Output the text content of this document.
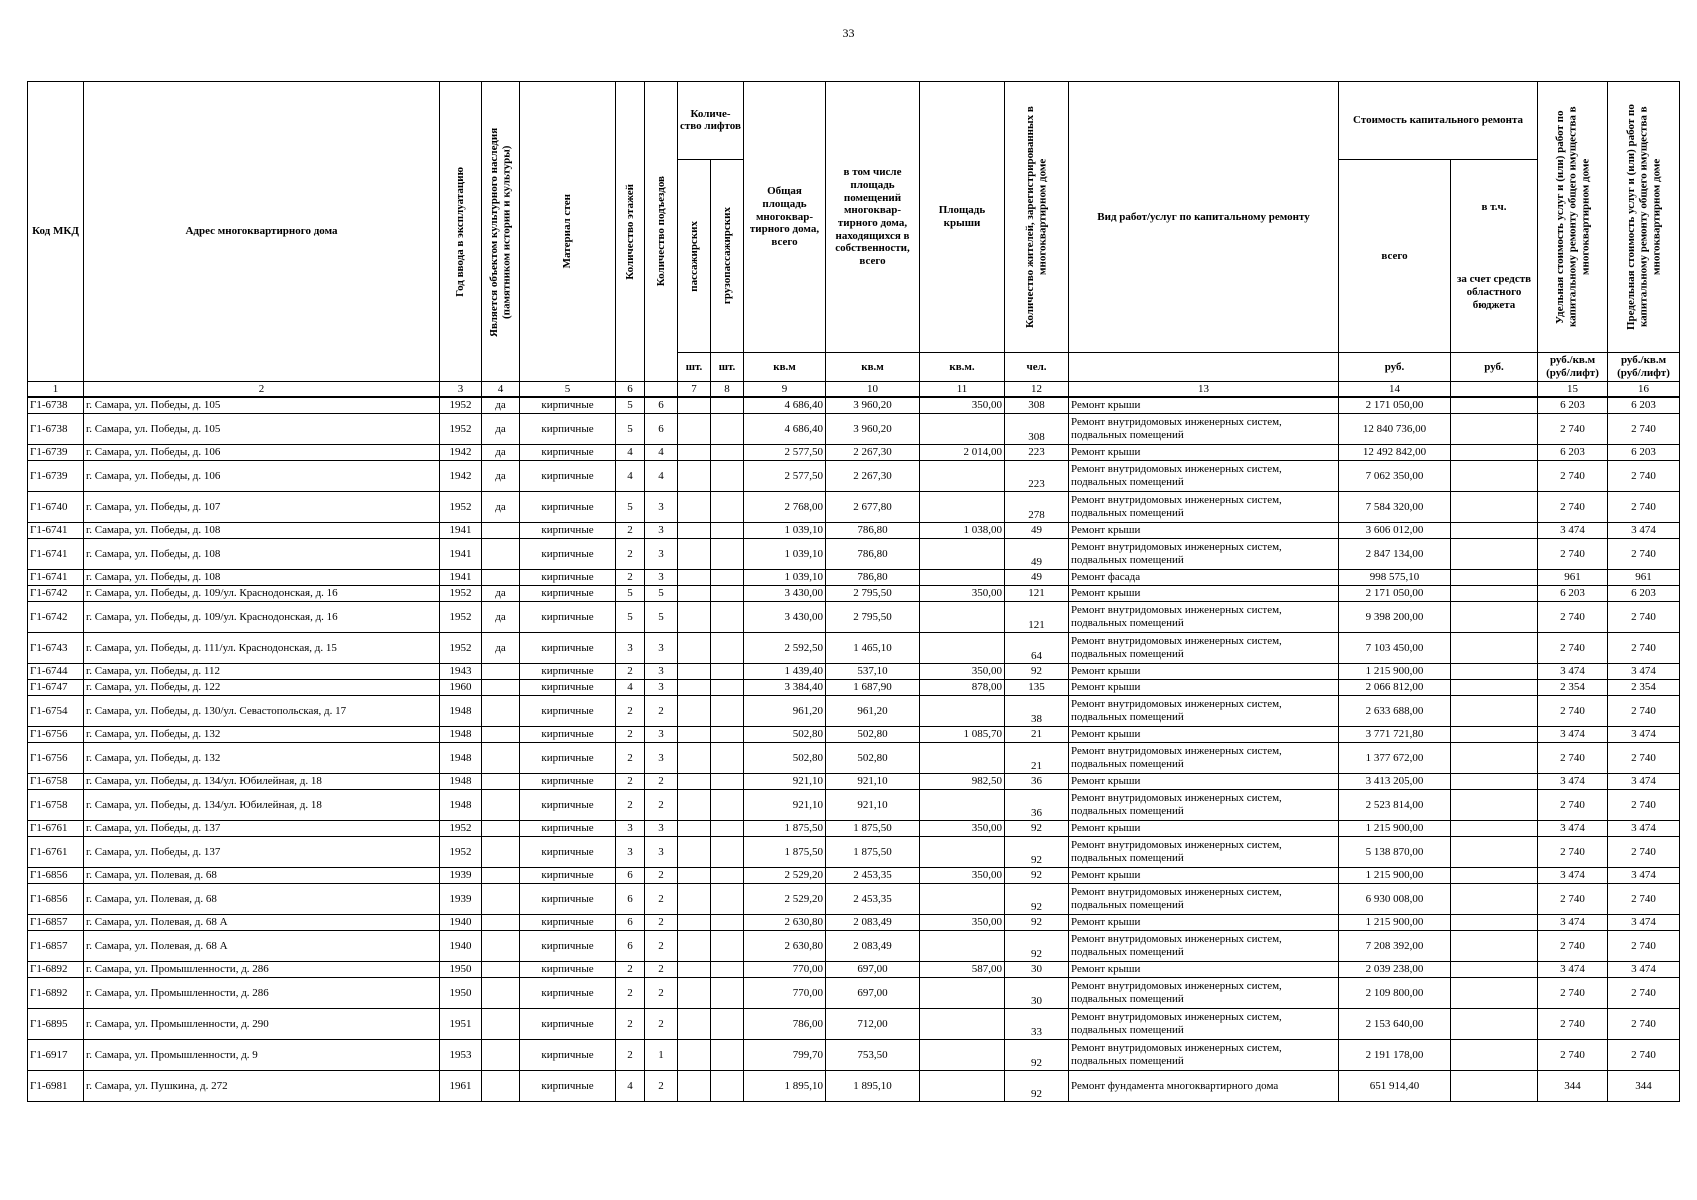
33
Код МКД	Адрес многоквартирного дома	Год ввода в эксплуатацию	Является объектом культурного наследия (памятником истории и культуры)	Материал стен	Количество этажей	Количество подъездов	Количе-ство лифтов		Общая площадь многоквар-тирного дома, всего	в том числе площадь помещений многоквар-тирного дома, находящихся в собственности, всего	Площадь крыши	Количество жителей, зарегистрированных в многоквартирном доме	Вид работ/услуг по капитальному ремонту	Стоимость капитального ремонта		Удельная стоимость услуг и (или) работ по капитальному ремонту общего имущества в многоквартирном доме	Предельная стоимость услуг и (или) работ по капитальному ремонту общего имущества в многоквартирном доме

							пассажирских	грузопассажирских						всего	в т.ч.
за счет средств областного бюджета		

							шт.	шт.	кв.м	кв.м	кв.м.	чел.		руб.	руб.	руб./кв.м (руб/лифт)	руб./кв.м (руб/лифт)
1	2	3	4	5	6		7	8	9	10	11	12	13	14		15	16
Г1-6738	г. Самара, ул. Победы, д. 105	1952	да	кирпичные	5	6			4 686,40	3 960,20	350,00	308	Ремонт крыши	2 171 050,00		6 203	6 203
Г1-6738	г. Самара, ул. Победы, д. 105	1952	да	кирпичные	5	6			4 686,40	3 960,20		308	Ремонт внутридомовых инженерных систем, подвальных помещений	12 840 736,00		2 740	2 740
Г1-6739	г. Самара, ул. Победы, д. 106	1942	да	кирпичные	4	4			2 577,50	2 267,30	2 014,00	223	Ремонт крыши	12 492 842,00		6 203	6 203
Г1-6739	г. Самара, ул. Победы, д. 106	1942	да	кирпичные	4	4			2 577,50	2 267,30		223	Ремонт внутридомовых инженерных систем, подвальных помещений	7 062 350,00		2 740	2 740
Г1-6740	г. Самара, ул. Победы, д. 107	1952	да	кирпичные	5	3			2 768,00	2 677,80		278	Ремонт внутридомовых инженерных систем, подвальных помещений	7 584 320,00		2 740	2 740
Г1-6741	г. Самара, ул. Победы, д. 108	1941		кирпичные	2	3			1 039,10	786,80	1 038,00	49	Ремонт крыши	3 606 012,00		3 474	3 474
Г1-6741	г. Самара, ул. Победы, д. 108	1941		кирпичные	2	3			1 039,10	786,80		49	Ремонт внутридомовых инженерных систем, подвальных помещений	2 847 134,00		2 740	2 740
Г1-6741	г. Самара, ул. Победы, д. 108	1941		кирпичные	2	3			1 039,10	786,80		49	Ремонт фасада	998 575,10		961	961
Г1-6742	г. Самара, ул. Победы, д. 109/ул. Краснодонская, д. 16	1952	да	кирпичные	5	5			3 430,00	2 795,50	350,00	121	Ремонт крыши	2 171 050,00		6 203	6 203
Г1-6742	г. Самара, ул. Победы, д. 109/ул. Краснодонская, д. 16	1952	да	кирпичные	5	5			3 430,00	2 795,50		121	Ремонт внутридомовых инженерных систем, подвальных помещений	9 398 200,00		2 740	2 740
Г1-6743	г. Самара, ул. Победы, д. 111/ул. Краснодонская, д. 15	1952	да	кирпичные	3	3			2 592,50	1 465,10		64	Ремонт внутридомовых инженерных систем, подвальных помещений	7 103 450,00		2 740	2 740
Г1-6744	г. Самара, ул. Победы, д. 112	1943		кирпичные	2	3			1 439,40	537,10	350,00	92	Ремонт крыши	1 215 900,00		3 474	3 474
Г1-6747	г. Самара, ул. Победы, д. 122	1960		кирпичные	4	3			3 384,40	1 687,90	878,00	135	Ремонт крыши	2 066 812,00		2 354	2 354
Г1-6754	г. Самара, ул. Победы, д. 130/ул. Севастопольская, д. 17	1948		кирпичные	2	2			961,20	961,20		38	Ремонт внутридомовых инженерных систем, подвальных помещений	2 633 688,00		2 740	2 740
Г1-6756	г. Самара, ул. Победы, д. 132	1948		кирпичные	2	3			502,80	502,80	1 085,70	21	Ремонт крыши	3 771 721,80		3 474	3 474
Г1-6756	г. Самара, ул. Победы, д. 132	1948		кирпичные	2	3			502,80	502,80		21	Ремонт внутридомовых инженерных систем, подвальных помещений	1 377 672,00		2 740	2 740
Г1-6758	г. Самара, ул. Победы, д. 134/ул. Юбилейная, д. 18	1948		кирпичные	2	2			921,10	921,10	982,50	36	Ремонт крыши	3 413 205,00		3 474	3 474
Г1-6758	г. Самара, ул. Победы, д. 134/ул. Юбилейная, д. 18	1948		кирпичные	2	2			921,10	921,10		36	Ремонт внутридомовых инженерных систем, подвальных помещений	2 523 814,00		2 740	2 740
Г1-6761	г. Самара, ул. Победы, д. 137	1952		кирпичные	3	3			1 875,50	1 875,50	350,00	92	Ремонт крыши	1 215 900,00		3 474	3 474
Г1-6761	г. Самара, ул. Победы, д. 137	1952		кирпичные	3	3			1 875,50	1 875,50		92	Ремонт внутридомовых инженерных систем, подвальных помещений	5 138 870,00		2 740	2 740
Г1-6856	г. Самара, ул. Полевая, д. 68	1939		кирпичные	6	2			2 529,20	2 453,35	350,00	92	Ремонт крыши	1 215 900,00		3 474	3 474
Г1-6856	г. Самара, ул. Полевая, д. 68	1939		кирпичные	6	2			2 529,20	2 453,35		92	Ремонт внутридомовых инженерных систем, подвальных помещений	6 930 008,00		2 740	2 740
Г1-6857	г. Самара, ул. Полевая, д. 68 А	1940		кирпичные	6	2			2 630,80	2 083,49	350,00	92	Ремонт крыши	1 215 900,00		3 474	3 474
Г1-6857	г. Самара, ул. Полевая, д. 68 А	1940		кирпичные	6	2			2 630,80	2 083,49		92	Ремонт внутридомовых инженерных систем, подвальных помещений	7 208 392,00		2 740	2 740
Г1-6892	г. Самара, ул. Промышленности, д. 286	1950		кирпичные	2	2			770,00	697,00	587,00	30	Ремонт крыши	2 039 238,00		3 474	3 474
Г1-6892	г. Самара, ул. Промышленности, д. 286	1950		кирпичные	2	2			770,00	697,00		30	Ремонт внутридомовых инженерных систем, подвальных помещений	2 109 800,00		2 740	2 740
Г1-6895	г. Самара, ул. Промышленности, д. 290	1951		кирпичные	2	2			786,00	712,00		33	Ремонт внутридомовых инженерных систем, подвальных помещений	2 153 640,00		2 740	2 740
Г1-6917	г. Самара, ул. Промышленности, д. 9	1953		кирпичные	2	1			799,70	753,50		92	Ремонт внутридомовых инженерных систем, подвальных помещений	2 191 178,00		2 740	2 740
Г1-6981	г. Самара, ул. Пушкина, д. 272	1961		кирпичные	4	2			1 895,10	1 895,10		92	Ремонт фундамента многоквартирного дома	651 914,40		344	344
